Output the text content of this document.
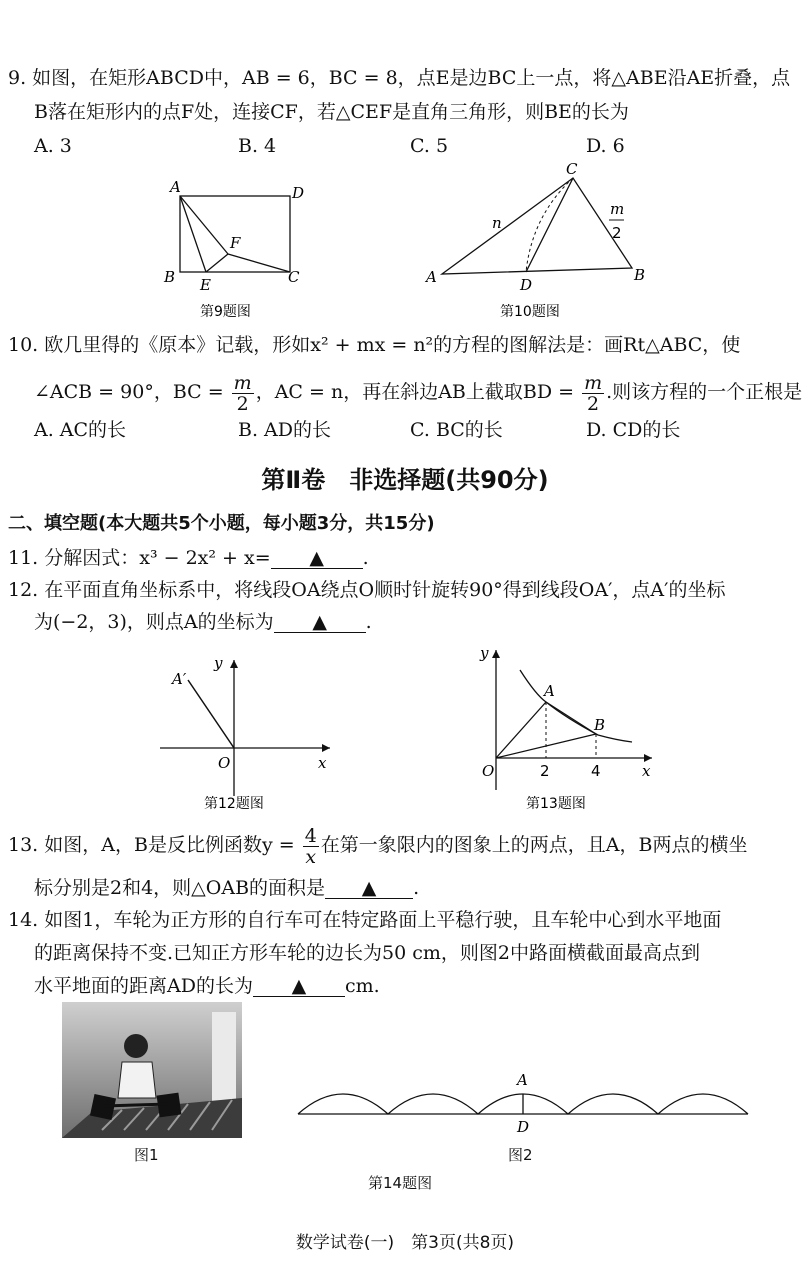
9. 如图，在矩形ABCD中，AB = 6，BC = 8，点E是边BC上一点，将△ABE沿AE折叠，点
B落在矩形内的点F处，连接CF，若△CEF是直角三角形，则BE的长为
A. 3	B. 4	C. 5	D. 6
A	D
F
B E	C
第9题图
C
n
m
2
A	D
B
第10题图
10. 欧几里得的《原本》记载，形如x² + mx = n²的方程的图解法是：画Rt△ABC，使
∠ACB = 90°，BC = $\frac{m}{2}$ ，AC = n，再在斜边AB上截取BD = $\frac{m}{2}$ .则该方程的一个正根是
A. AC的长	B. AD的长	C. BC的长	D. CD的长
第Ⅱ卷　非选择题(共90分)
二、填空题(本大题共5个小题，每小题3分，共15分)
11. 分解因式：x³ − 2x² + x= ▲ .
12. 在平面直角坐标系中，将线段OA绕点O顺时针旋转90°得到线段OA′，点A′的坐标
为(−2，3)，则点A的坐标为 ▲ .
A′
y
O	x
第12题图
y
A
B
O	2	4	x
第13题图
13. 如图，A，B是反比例函数$y = \frac{4}{x}$ 在第一象限内的图象上的两点，且A，B两点的横坐
标分别是2和4，则△OAB的面积是 ▲ .
14. 如图1，车轮为正方形的自行车可在特定路面上平稳行驶，且车轮中心到水平地面
的距离保持不变.已知正方形车轮的边长为50 cm，则图2中路面横截面最高点到
水平地面的距离AD的长为 ▲ cm.
图1
A
D
图2
第14题图
数学试卷(一)　第3页(共8页)
